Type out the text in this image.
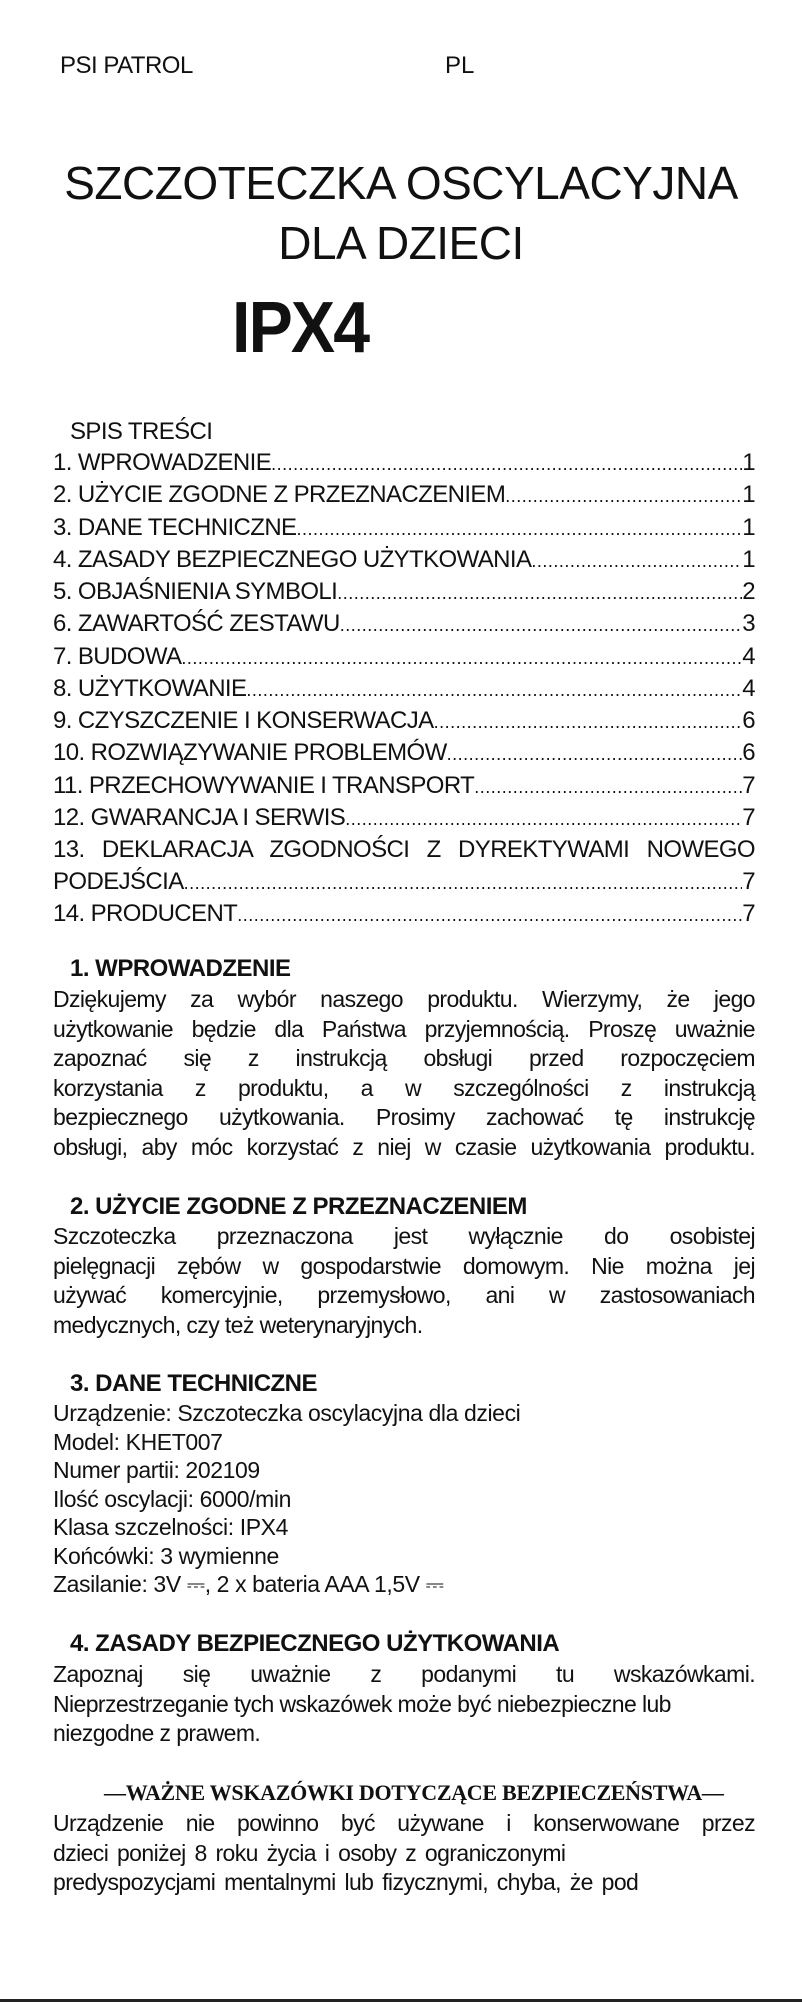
PSI PATROL	PL
SZCZOTECZKA OSCYLACYJNA
DLA DZIECI
IPX4
SPIS TREŚCI
1. WPROWADZENIE .....	1
2. UŻYCIE ZGODNE Z PRZEZNACZENIEM .....	1
3. DANE TECHNICZNE .....	1
4. ZASADY BEZPIECZNEGO UŻYTKOWANIA .....	1
5. OBJAŚNIENIA SYMBOLI .....	2
6. ZAWARTOŚĆ ZESTAWU .....	3
7. BUDOWA .....	4
8. UŻYTKOWANIE .....	4
9. CZYSZCZENIE I KONSERWACJA .....	6
10. ROZWIĄZYWANIE PROBLEMÓW .....	6
11. PRZECHOWYWANIE I TRANSPORT .....	7
12. GWARANCJA I SERWIS .....	7
13. DEKLARACJA ZGODNOŚCI Z DYREKTYWAMI NOWEGO
PODEJŚCIA .....	7
14. PRODUCENT .....	7
1. WPROWADZENIE
Dziękujemy za wybór naszego produktu. Wierzymy, że jego
użytkowanie będzie dla Państwa przyjemnością. Proszę uważnie
zapoznać się z instrukcją obsługi przed rozpoczęciem
korzystania z produktu, a w szczególności z instrukcją
bezpiecznego użytkowania. Prosimy zachować tę instrukcję
obsługi, aby móc korzystać z niej w czasie użytkowania produktu.
2. UŻYCIE ZGODNE Z PRZEZNACZENIEM
Szczoteczka przeznaczona jest wyłącznie do osobistej
pielęgnacji zębów w gospodarstwie domowym. Nie można jej
używać komercyjnie, przemysłowo, ani w zastosowaniach
medycznych, czy też weterynaryjnych.
3. DANE TECHNICZNE
Urządzenie: Szczoteczka oscylacyjna dla dzieci
Model: KHET007
Numer partii: 202109
Ilość oscylacji: 6000/min
Klasa szczelności: IPX4
Końcówki: 3 wymienne
Zasilanie: 3V ⎓, 2 x bateria AAA 1,5V ⎓
4. ZASADY BEZPIECZNEGO UŻYTKOWANIA
Zapoznaj się uważnie z podanymi tu wskazówkami.
Nieprzestrzeganie tych wskazówek może być niebezpieczne lub
niezgodne z prawem.
—WAŻNE WSKAZÓWKI DOTYCZĄCE BEZPIECZEŃSTWA—
Urządzenie nie powinno być używane i konserwowane przez
dzieci poniżej 8 roku życia i osoby z ograniczonymi
predyspozycjami mentalnymi lub fizycznymi, chyba, że pod
